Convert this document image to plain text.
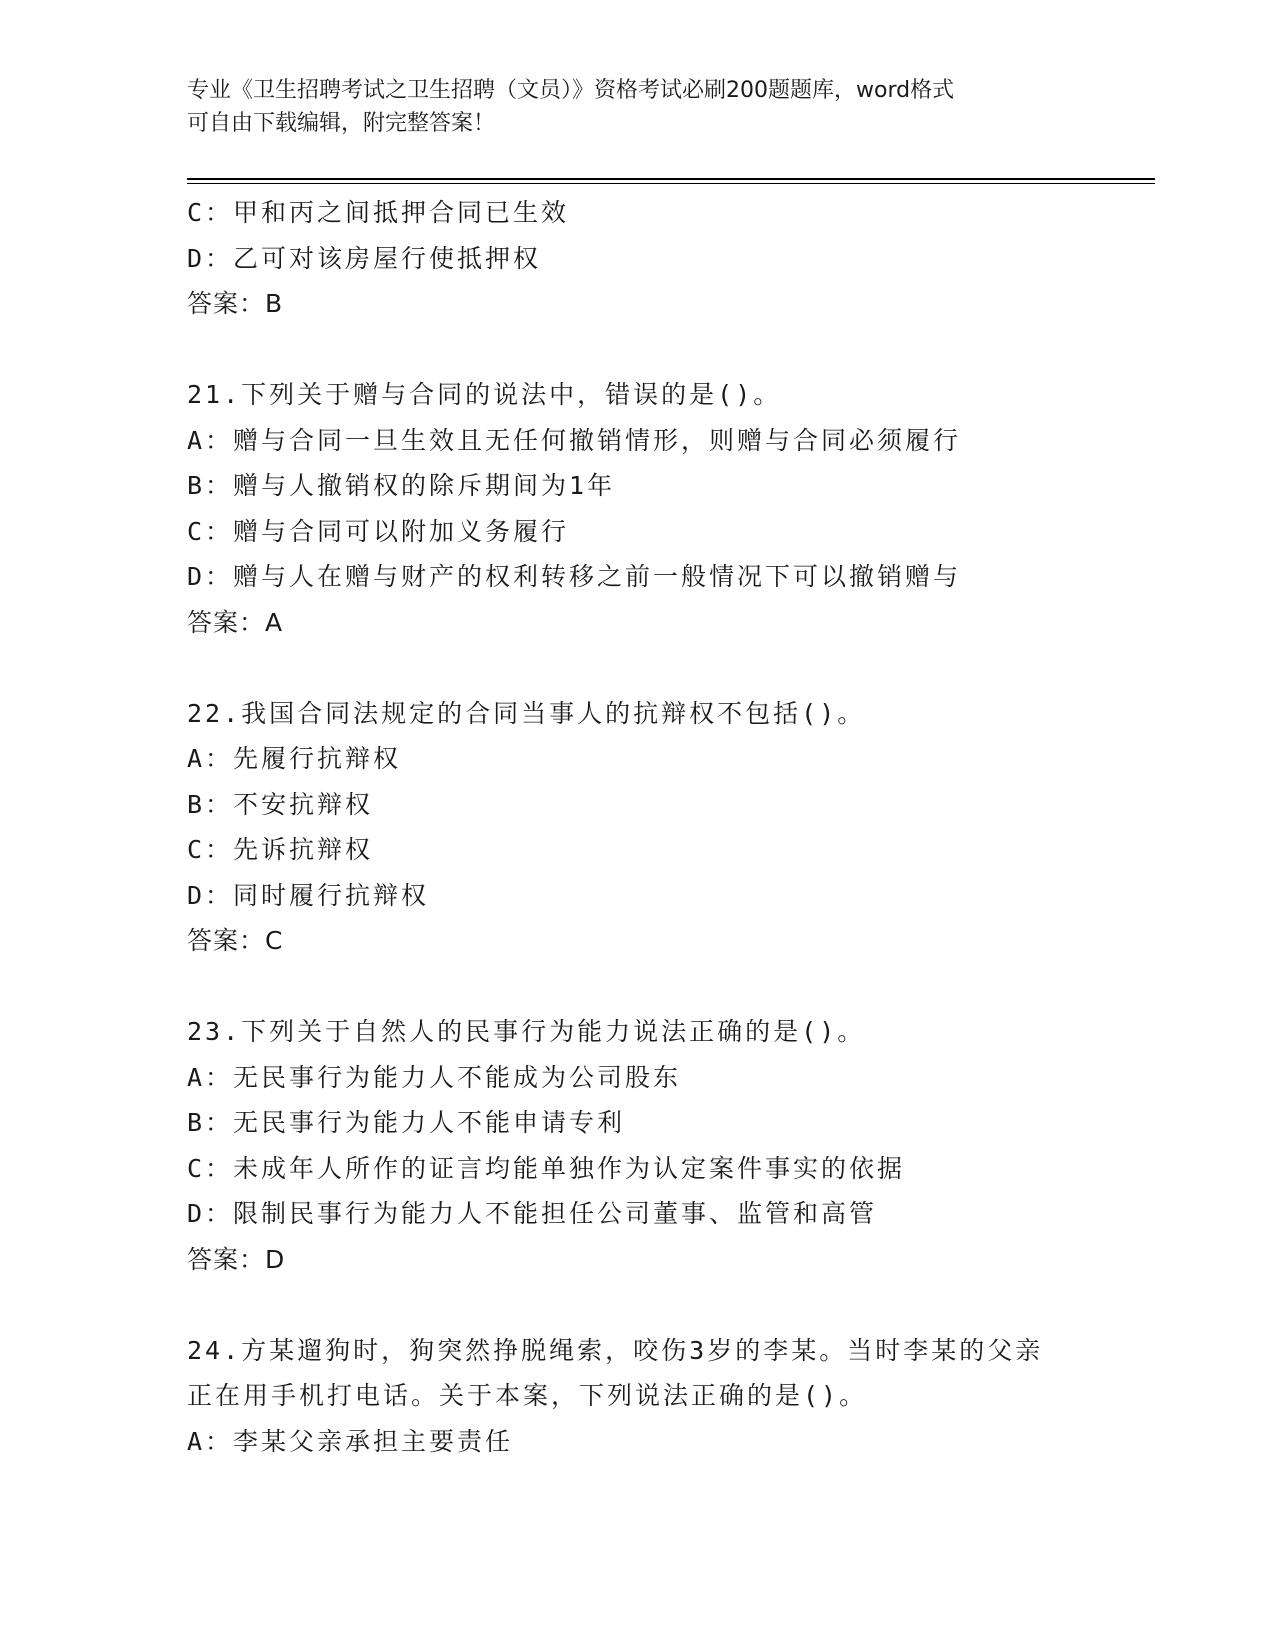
专业《卫生招聘考试之卫生招聘（文员）》资格考试必刷200题题库，word格式
可自由下载编辑，附完整答案！
C：甲和丙之间抵押合同已生效
D：乙可对该房屋行使抵押权
答案：B
21.下列关于赠与合同的说法中，错误的是()。
A：赠与合同一旦生效且无任何撤销情形，则赠与合同必须履行
B：赠与人撤销权的除斥期间为1年
C：赠与合同可以附加义务履行
D：赠与人在赠与财产的权利转移之前一般情况下可以撤销赠与
答案：A
22.我国合同法规定的合同当事人的抗辩权不包括()。
A：先履行抗辩权
B：不安抗辩权
C：先诉抗辩权
D：同时履行抗辩权
答案：C
23.下列关于自然人的民事行为能力说法正确的是()。
A：无民事行为能力人不能成为公司股东
B：无民事行为能力人不能申请专利
C：未成年人所作的证言均能单独作为认定案件事实的依据
D：限制民事行为能力人不能担任公司董事、监管和高管
答案：D
24.方某遛狗时，狗突然挣脱绳索，咬伤3岁的李某。当时李某的父亲
正在用手机打电话。关于本案，下列说法正确的是()。
A：李某父亲承担主要责任
